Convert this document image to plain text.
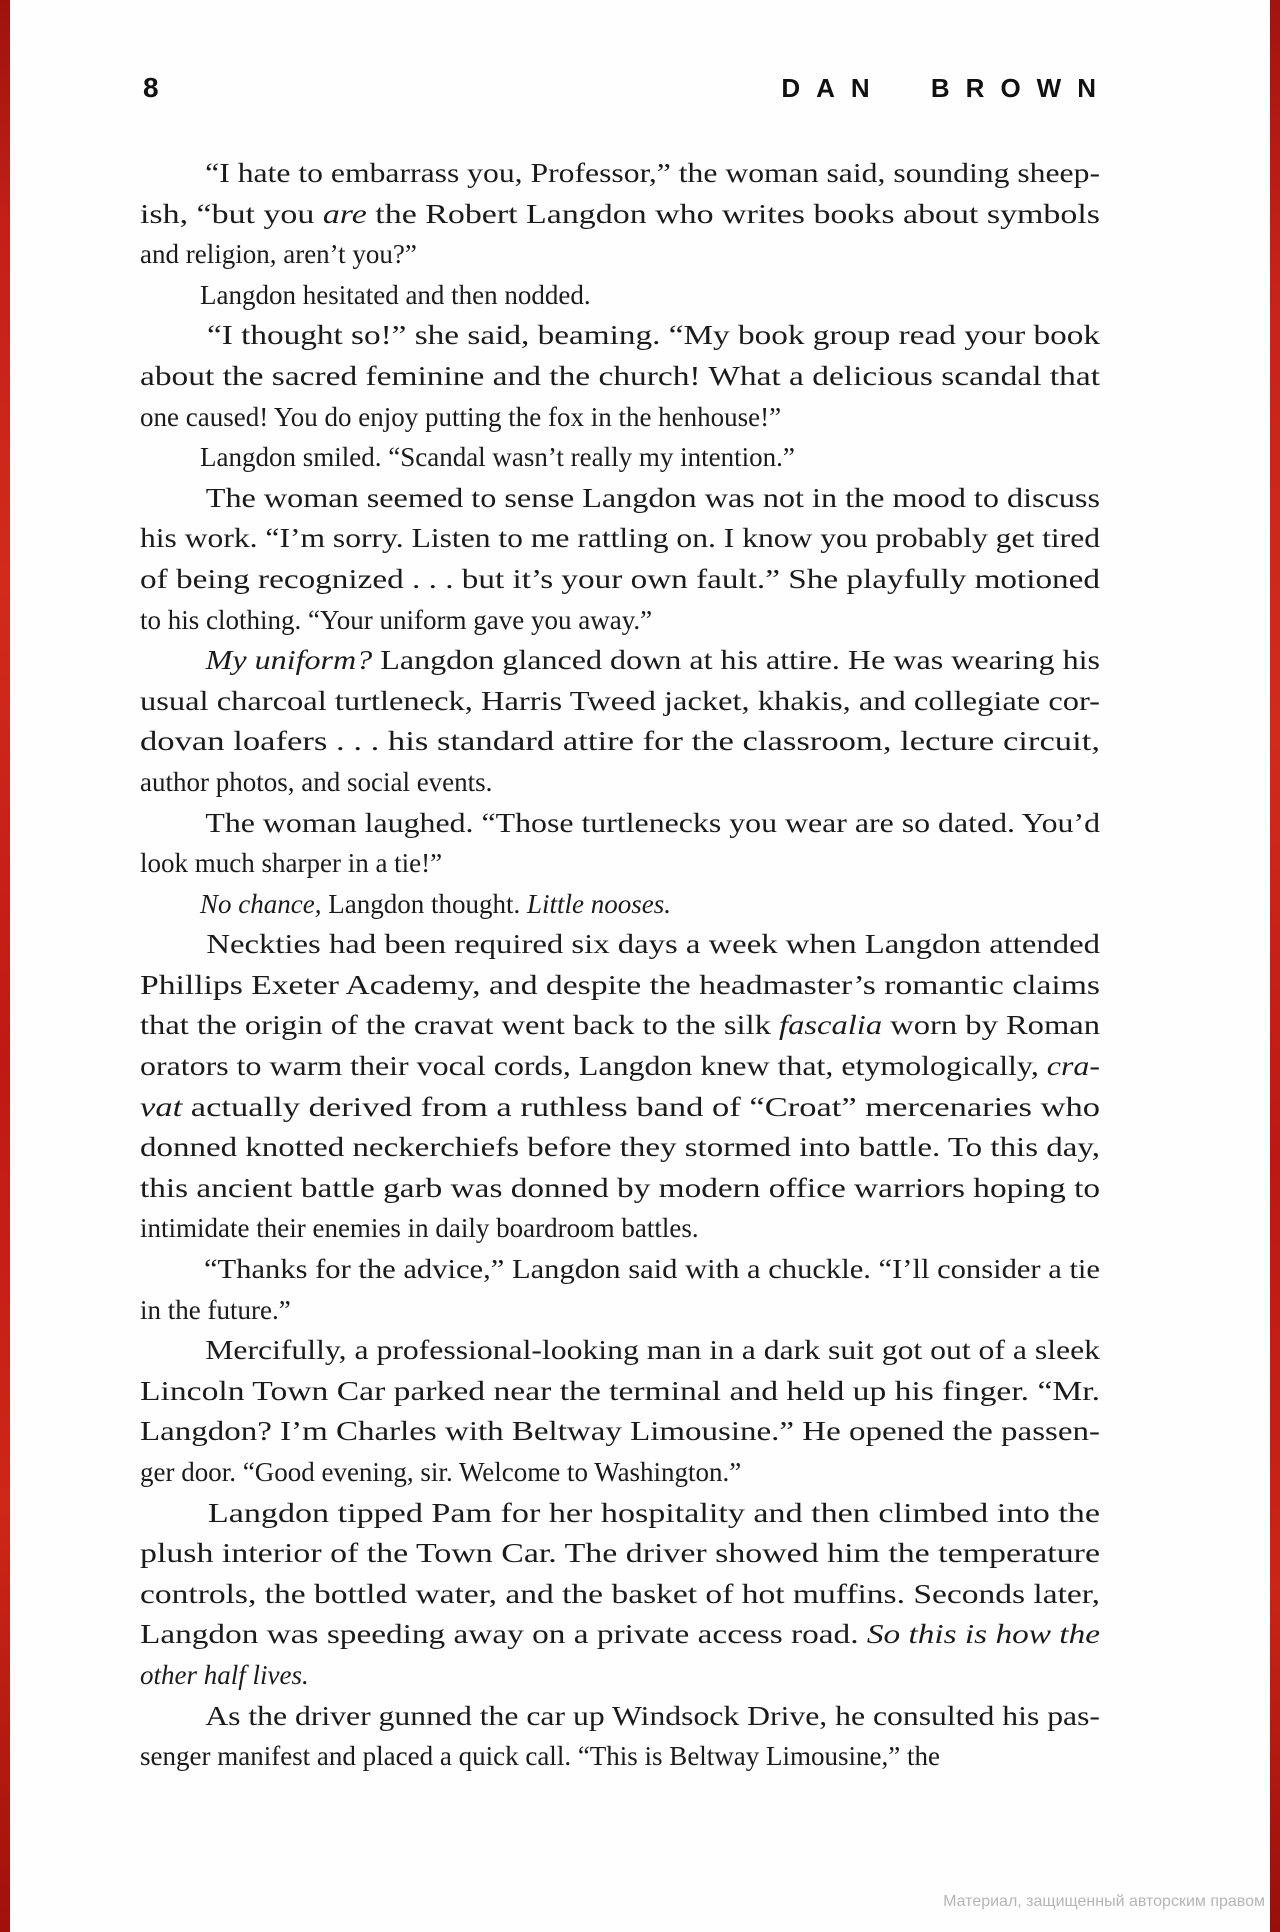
8	DAN BROWN
“I hate to embarrass you, Professor,” the woman said, sounding sheep-
ish, “but you are the Robert Langdon who writes books about symbols
and religion, aren’t you?”
Langdon hesitated and then nodded.
“I thought so!” she said, beaming. “My book group read your book
about the sacred feminine and the church! What a delicious scandal that
one caused! You do enjoy putting the fox in the henhouse!”
Langdon smiled. “Scandal wasn’t really my intention.”
The woman seemed to sense Langdon was not in the mood to discuss
his work. “I’m sorry. Listen to me rattling on. I know you probably get tired
of being recognized . . . but it’s your own fault.” She playfully motioned
to his clothing. “Your uniform gave you away.”
My uniform? Langdon glanced down at his attire. He was wearing his
usual charcoal turtleneck, Harris Tweed jacket, khakis, and collegiate cor-
dovan loafers . . . his standard attire for the classroom, lecture circuit,
author photos, and social events.
The woman laughed. “Those turtlenecks you wear are so dated. You’d
look much sharper in a tie!”
No chance, Langdon thought. Little nooses.
Neckties had been required six days a week when Langdon attended
Phillips Exeter Academy, and despite the headmaster’s romantic claims
that the origin of the cravat went back to the silk fascalia worn by Roman
orators to warm their vocal cords, Langdon knew that, etymologically, cra-
vat actually derived from a ruthless band of “Croat” mercenaries who
donned knotted neckerchiefs before they stormed into battle. To this day,
this ancient battle garb was donned by modern office warriors hoping to
intimidate their enemies in daily boardroom battles.
“Thanks for the advice,” Langdon said with a chuckle. “I’ll consider a tie
in the future.”
Mercifully, a professional-looking man in a dark suit got out of a sleek
Lincoln Town Car parked near the terminal and held up his finger. “Mr.
Langdon? I’m Charles with Beltway Limousine.” He opened the passen-
ger door. “Good evening, sir. Welcome to Washington.”
Langdon tipped Pam for her hospitality and then climbed into the
plush interior of the Town Car. The driver showed him the temperature
controls, the bottled water, and the basket of hot muffins. Seconds later,
Langdon was speeding away on a private access road. So this is how the
other half lives.
As the driver gunned the car up Windsock Drive, he consulted his pas-
senger manifest and placed a quick call. “This is Beltway Limousine,” the
Материал, защищенный авторским правом
